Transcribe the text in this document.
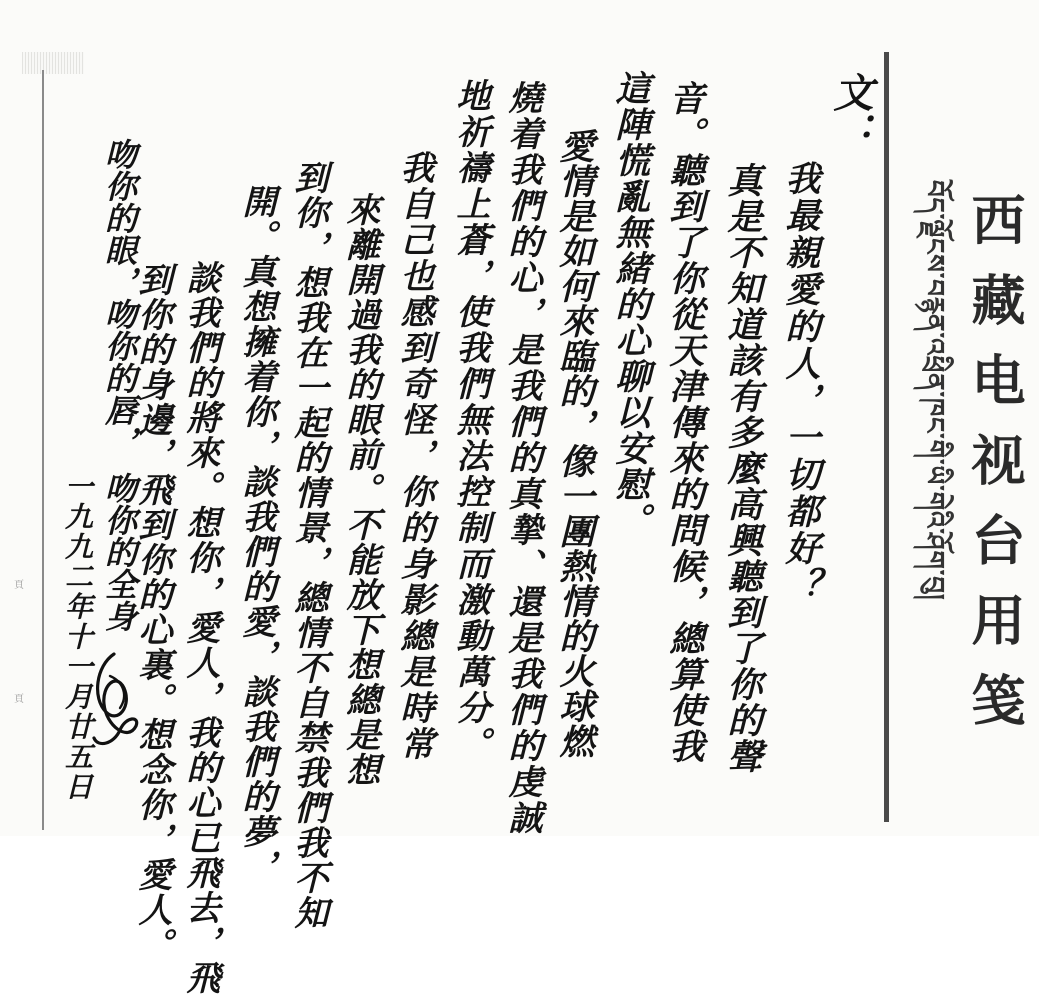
頁
頁	西藏电视台用笺
བོད་ལྗོངས་བརྙན་འཕྲིན་ཁང་གི་ཡི་གེའི་ཤོག་བུ།
文：
我最親愛的人，一切都好？
真是不知道該有多麼高興聽到了你的聲
音。聽到了你從天津傳來的問候，總算使我
這陣慌亂無緒的心聊以安慰。
愛情是如何來臨的，像一團熱情的火球燃
燒着我們的心，是我們的真摯、還是我們的虔誠
地祈禱上蒼，使我們無法控制而激動萬分。
我自己也感到奇怪，你的身影總是時常
來離開過我的眼前。不能放下想總是想
到你，想我在一起的情景，總情不自禁我們我不知
開。真想擁着你，談我們的愛，談我們的夢，
談我們的將來。想你，愛人，我的心已飛去，飛
到你的身邊，飛到你的心裏。想念你，愛人。
一九九二年十一月廿五日
吻你的眼，吻你的唇，
吻你的全身
